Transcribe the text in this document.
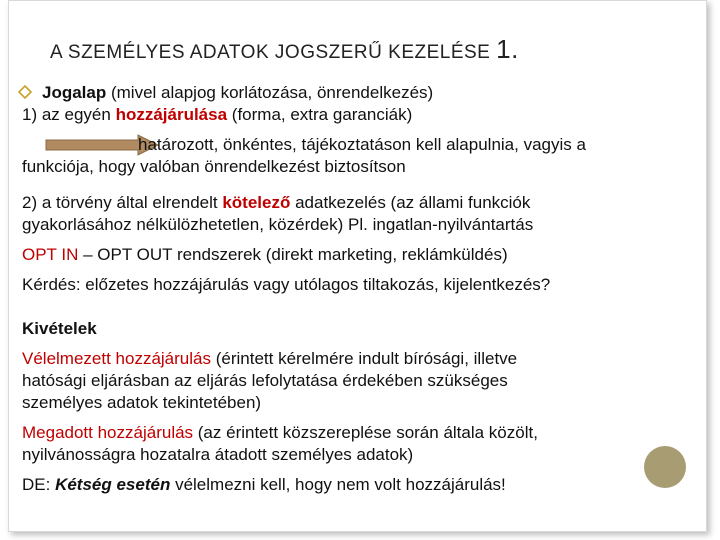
A SZEMÉLYES ADATOK JOGSZERŰ KEZELÉSE 1.
Jogalap (mivel alapjog korlátozása, önrendelkezés)
1) az egyén hozzájárulása (forma, extra garanciák)
határozott, önkéntes, tájékoztatáson kell alapulnia, vagyis a
funkciója, hogy valóban önrendelkezést biztosítson
2) a törvény által elrendelt kötelező adatkezelés (az állami funkciók
gyakorlásához nélkülözhetetlen, közérdek) Pl. ingatlan-nyilvántartás
OPT IN – OPT OUT rendszerek (direkt marketing, reklámküldés)
Kérdés: előzetes hozzájárulás vagy utólagos tiltakozás, kijelentkezés?
Kivételek
Vélelmezett hozzájárulás (érintett kérelmére indult bírósági, illetve
hatósági eljárásban az eljárás lefolytatása érdekében szükséges
személyes adatok tekintetében)
Megadott hozzájárulás (az érintett közszereplése során általa közölt,
nyilvánosságra hozatalra átadott személyes adatok)
DE: Kétség esetén vélelmezni kell, hogy nem volt hozzájárulás!
